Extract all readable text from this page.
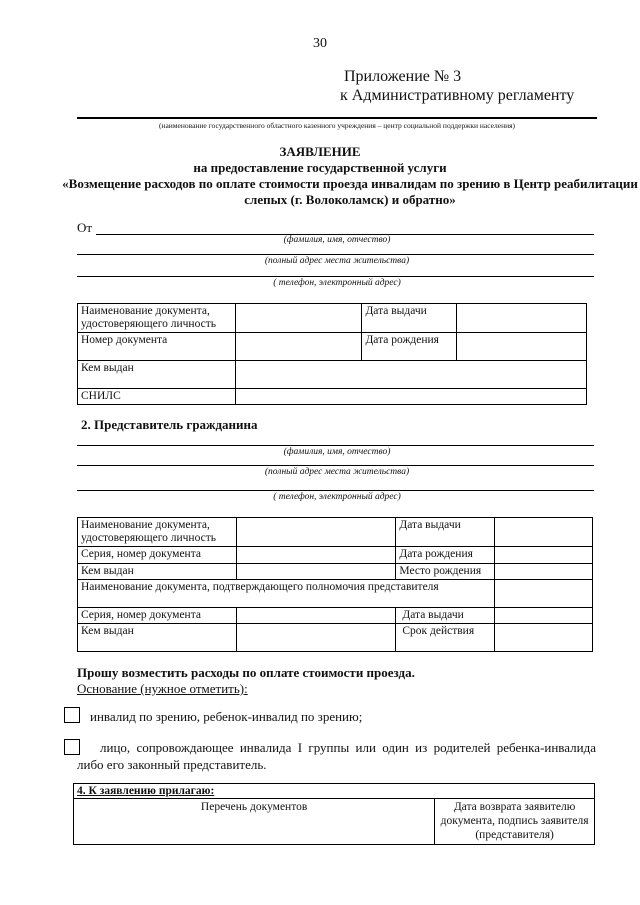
30
Приложение № 3
к Административному регламенту
(наименование государственного областного казенного учреждения – центр социальной поддержки населения)
ЗАЯВЛЕНИЕ
на предоставление государственной услуги
«Возмещение расходов по оплате стоимости проезда инвалидам по зрению в Центр реабилитации слепых (г. Волоколамск) и обратно»
От
(фамилия, имя, отчество)
(полный адрес места жительства)
( телефон, электронный адрес)
Наименование документа, удостоверяющего личность		Дата выдачи	
Номер документа		Дата рождения	
Кем выдан			
СНИЛС			
2. Представитель гражданина
(фамилия, имя, отчество)
(полный адрес места жительства)
( телефон, электронный адрес)
Наименование документа, удостоверяющего личность		Дата выдачи	
Серия, номер документа		Дата рождения	
Кем выдан		Место рождения	
Наименование документа, подтверждающего полномочия представителя			
Серия, номер документа		Дата выдачи	
Кем выдан		Срок действия	
Прошу возместить расходы по оплате стоимости проезда.
Основание (нужное отметить):
инвалид по зрению, ребенок-инвалид по зрению;
лицо, сопровождающее инвалида I группы или один из родителей ребенка-инвалида либо его законный представитель.
4. К заявлению прилагаю:
Перечень документов	Дата возврата заявителю документа, подпись заявителя (представителя)
